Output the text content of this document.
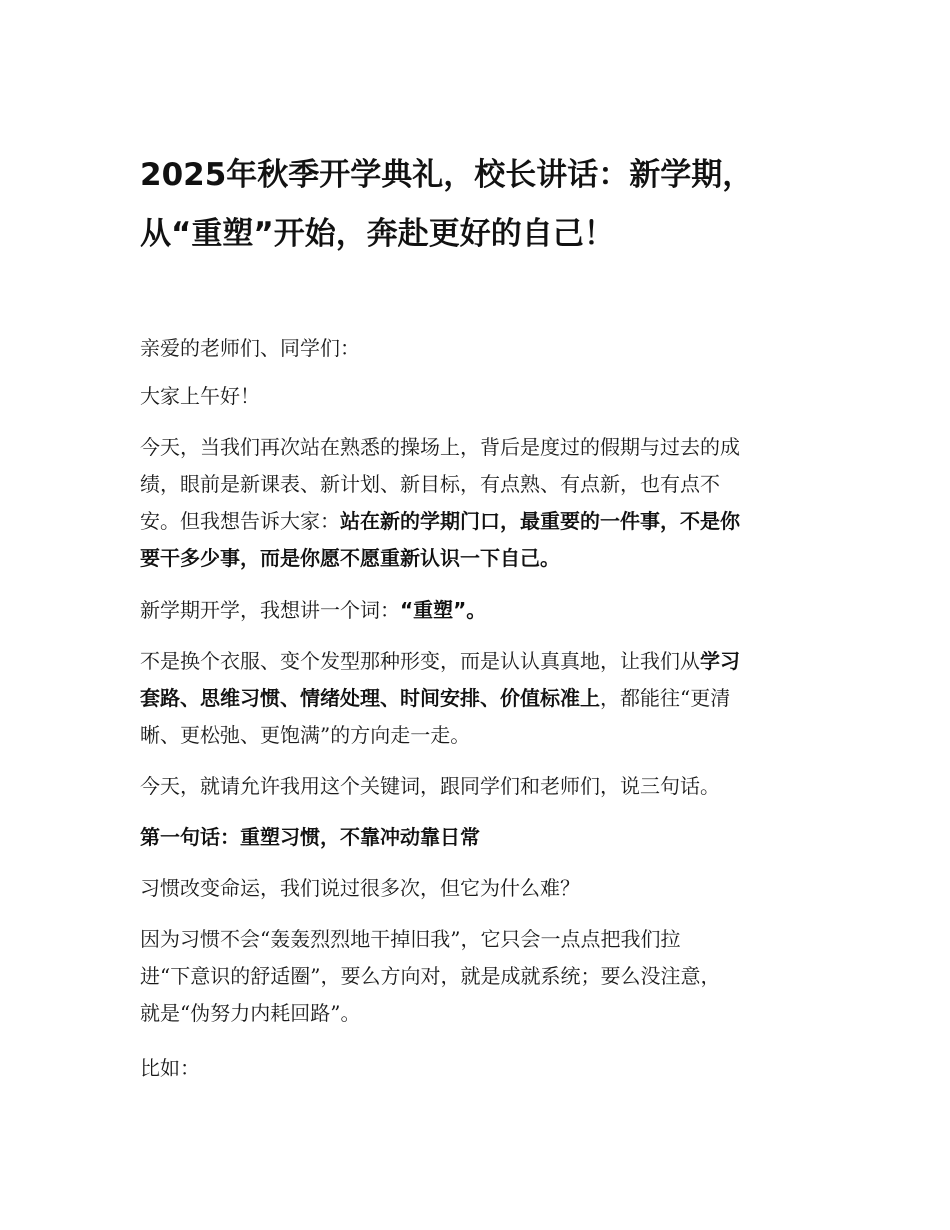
2025年秋季开学典礼，校长讲话：新学期，
从“重塑”开始，奔赴更好的自己！

亲爱的老师们、同学们：

大家上午好！

今天，当我们再次站在熟悉的操场上，背后是度过的假期与过去的成
绩，眼前是新课表、新计划、新目标，有点熟、有点新，也有点不
安。但我想告诉大家：站在新的学期门口，最重要的一件事，不是你
要干多少事，而是你愿不愿重新认识一下自己。

新学期开学，我想讲一个词：“重塑”。

不是换个衣服、变个发型那种形变，而是认认真真地，让我们从学习
套路、思维习惯、情绪处理、时间安排、价值标准上，都能往“更清
晰、更松弛、更饱满”的方向走一走。

今天，就请允许我用这个关键词，跟同学们和老师们，说三句话。

第一句话：重塑习惯，不靠冲动靠日常

习惯改变命运，我们说过很多次，但它为什么难？

因为习惯不会“轰轰烈烈地干掉旧我”，它只会一点点把我们拉
进“下意识的舒适圈”，要么方向对，就是成就系统；要么没注意，
就是“伪努力内耗回路”。

比如：
